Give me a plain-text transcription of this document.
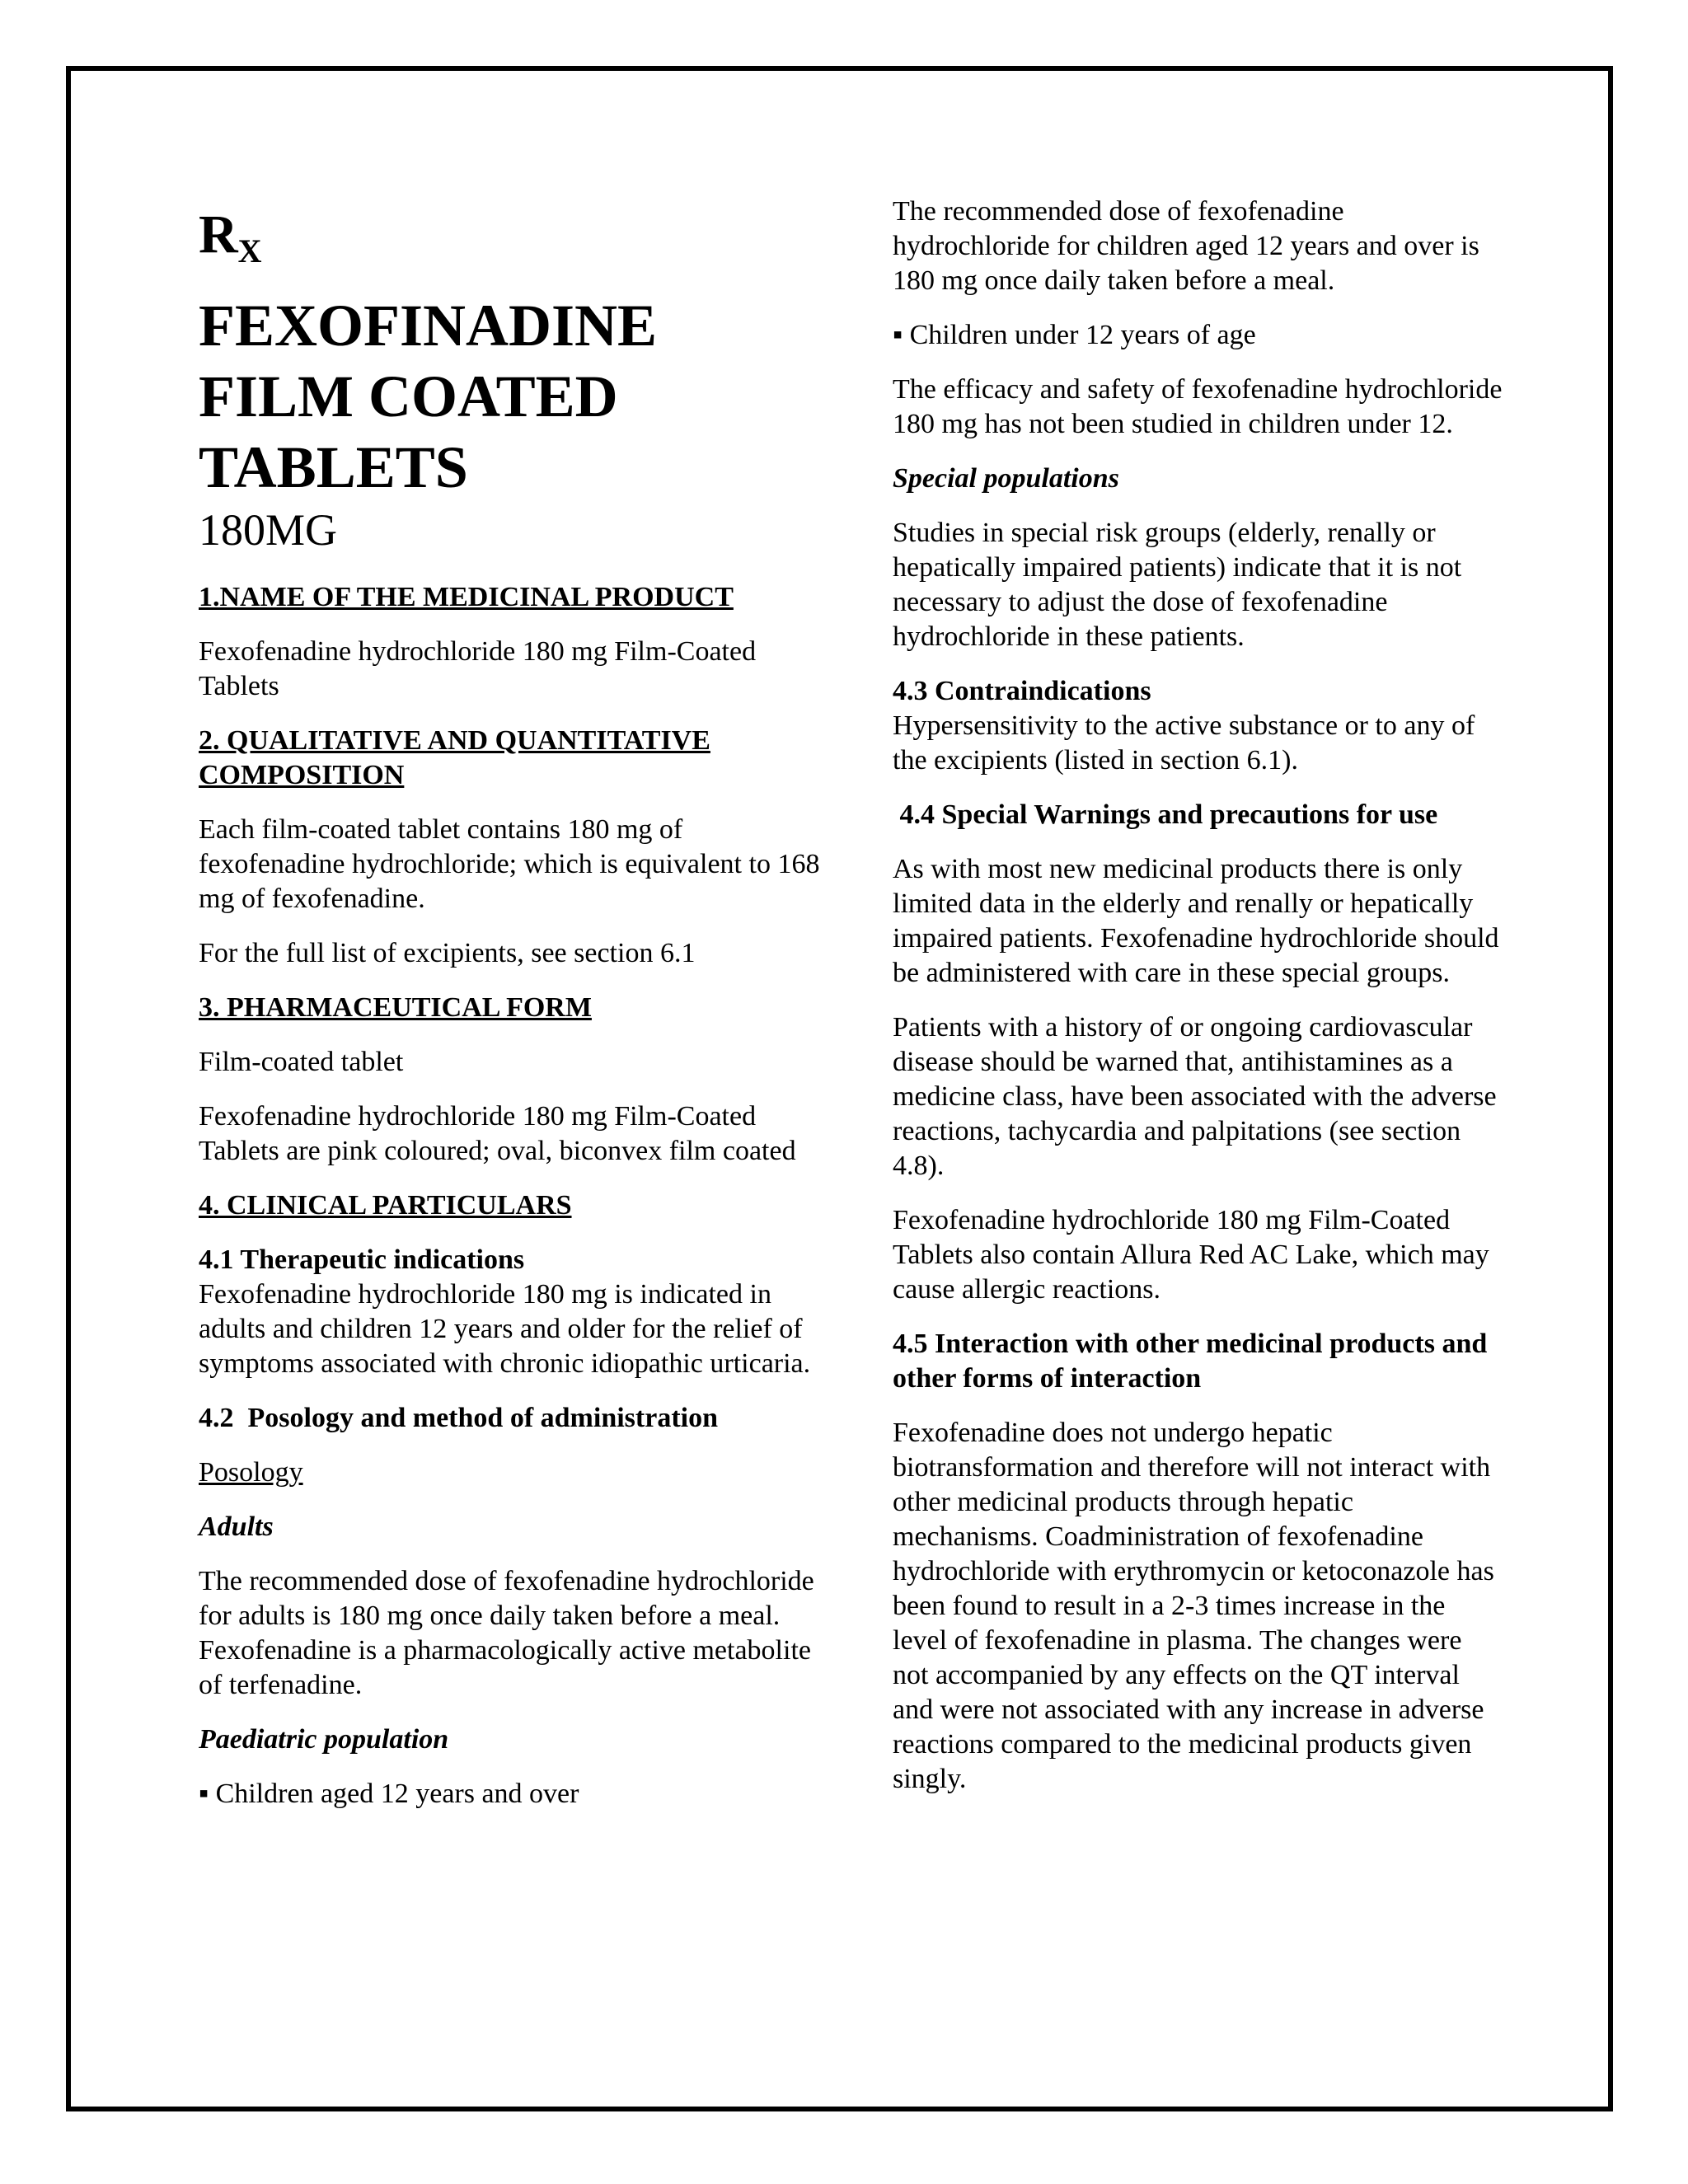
$R_X$

FEXOFINADINE

FILM COATED

TABLETS

180MG

1.NAME OF THE MEDICINAL PRODUCT

Fexofenadine hydrochloride 180 mg Film-Coated Tablets

2. QUALITATIVE AND QUANTITATIVE COMPOSITION

Each film-coated tablet contains 180 mg of fexofenadine hydrochloride; which is equivalent to 168 mg of fexofenadine.

For the full list of excipients, see section 6.1

3. PHARMACEUTICAL FORM

Film-coated tablet

Fexofenadine hydrochloride 180 mg Film-Coated Tablets are pink coloured; oval, biconvex film coated

4. CLINICAL PARTICULARS

4.1 Therapeutic indications

Fexofenadine hydrochloride 180 mg is indicated in adults and children 12 years and older for the relief of symptoms associated with chronic idiopathic urticaria.

4.2  Posology and method of administration

Posology

Adults

The recommended dose of fexofenadine hydrochloride for adults is 180 mg once daily taken before a meal. Fexofenadine is a pharmacologically active metabolite of terfenadine.

Paediatric population

▪ Children aged 12 years and over

The recommended dose of fexofenadine hydrochloride for children aged 12 years and over is 180 mg once daily taken before a meal.

▪ Children under 12 years of age

The efficacy and safety of fexofenadine hydrochloride 180 mg has not been studied in children under 12.

Special populations

Studies in special risk groups (elderly, renally or hepatically impaired patients) indicate that it is not necessary to adjust the dose of fexofenadine hydrochloride in these patients.

4.3 Contraindications

Hypersensitivity to the active substance or to any of the excipients (listed in section 6.1).

4.4 Special Warnings and precautions for use

As with most new medicinal products there is only limited data in the elderly and renally or hepatically impaired patients. Fexofenadine hydrochloride should be administered with care in these special groups.

Patients with a history of or ongoing cardiovascular disease should be warned that, antihistamines as a medicine class, have been associated with the adverse reactions, tachycardia and palpitations (see section 4.8).

Fexofenadine hydrochloride 180 mg Film-Coated Tablets also contain Allura Red AC Lake, which may cause allergic reactions.

4.5 Interaction with other medicinal products and other forms of interaction

Fexofenadine does not undergo hepatic biotransformation and therefore will not interact with other medicinal products through hepatic mechanisms. Coadministration of fexofenadine hydrochloride with erythromycin or ketoconazole has been found to result in a 2-3 times increase in the level of fexofenadine in plasma. The changes were not accompanied by any effects on the QT interval and were not associated with any increase in adverse reactions compared to the medicinal products given singly.
